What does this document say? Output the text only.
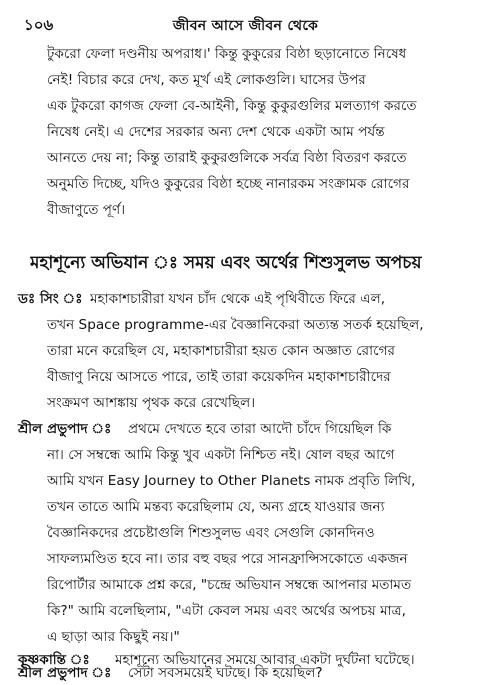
১০৬	জীবন আসে জীবন থেকে
টুকরো ফেলা দণ্ডনীয় অপরাধ।' কিন্তু কুকুরের বিষ্ঠা ছড়ানোতে নিষেধ
নেই! বিচার করে দেখ, কত মূর্খ এই লোকগুলি। ঘাসের উপর
এক টুকরো কাগজ ফেলা বে-আইনী, কিন্তু কুকুরগুলির মলত্যাগ করতে
নিষেধ নেই। এ দেশের সরকার অন্য দেশ থেকে একটা আম পর্যন্ত
আনতে দেয় না; কিন্তু তারাই কুকুরগুলিকে সর্বত্র বিষ্ঠা বিতরণ করতে
অনুমতি দিচ্ছে, যদিও কুকুরের বিষ্ঠা হচ্ছে নানারকম সংক্রামক রোগের
বীজাণুতে পূর্ণ।
মহাশূন্যে অভিযান ঃ সময় এবং অর্থের শিশুসুলভ অপচয়
ডঃ সিং ঃ মহাকাশচারীরা যখন চাঁদ থেকে এই পৃথিবীতে ফিরে এল,
তখন Space programme-এর বৈজ্ঞানিকেরা অত্যন্ত সতর্ক হয়েছিল,
তারা মনে করেছিল যে, মহাকাশচারীরা হয়ত কোন অজ্ঞাত রোগের
বীজাণু নিয়ে আসতে পারে, তাই তারা কয়েকদিন মহাকাশচারীদের
সংক্রমণ আশঙ্কায় পৃথক করে রেখেছিল।
শ্রীল প্রভুপাদ ঃ প্রথমে দেখতে হবে তারা আদৌ চাঁদে গিয়েছিল কি
না। সে সম্বন্ধে আমি কিন্তু খুব একটা নিশ্চিত নই। ষোল বছর আগে
আমি যখন Easy Journey to Other Planets নামক প্রবৃতি লিখি,
তখন তাতে আমি মন্তব্য করেছিলাম যে, অন্য গ্রহে যাওয়ার জন্য
বৈজ্ঞানিকদের প্রচেষ্টাগুলি শিশুসুলভ এবং সেগুলি কোনদিনও
সাফল্যমণ্ডিত হবে না। তার বহু বছর পরে সানফ্রান্সিসকোতে একজন
রিপোর্টার আমাকে প্রশ্ন করে, "চন্দ্রে অভিযান সম্বন্ধে আপনার মতামত
কি?" আমি বলেছিলাম, "এটা কেবল সময় এবং অর্থের অপচয় মাত্র,
এ ছাড়া আর কিছুই নয়।"
কৃষ্ণকান্তি ঃ মহাশূন্যে অভিযানের সময়ে আবার একটা দুর্ঘটনা ঘটেছে।
শ্রীল প্রভুপাদ ঃ সেটা সবসময়েই ঘটছে। কি হয়েছিল?
